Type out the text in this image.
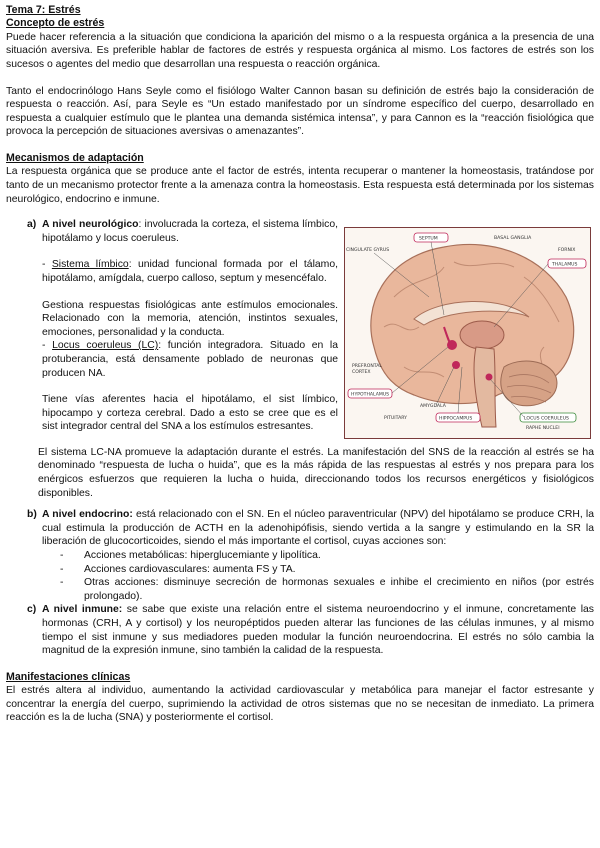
Tema 7: Estrés
Concepto de estrés

Puede hacer referencia a la situación que condiciona la aparición del mismo o a la respuesta orgánica a la presencia de una situación aversiva. Es preferible hablar de factores de estrés y respuesta orgánica al mismo. Los factores de estrés son los sucesos o agentes del medio que desarrollan una respuesta o reacción orgánica.

Tanto el endocrinólogo Hans Seyle como el fisiólogo Walter Cannon basan su definición de estrés bajo la consideración de respuesta o reacción. Así, para Seyle es “Un estado manifestado por un síndrome específico del cuerpo, desarrollado en respuesta a cualquier estímulo que le plantea una demanda sistémica intensa”, y para Cannon es la “reacción fisiológica que provoca la percepción de situaciones aversivas o amenazantes”.

Mecanismos de adaptación

La respuesta orgánica que se produce ante el factor de estrés, intenta recuperar o mantener la homeostasis, tratándose por tanto de un mecanismo protector frente a la amenaza contra la homeostasis. Esta respuesta está determinada por los sistemas neurológico, endocrino e inmune.

a) A nivel neurológico: involucrada la corteza, el sistema límbico, hipotálamo y locus coeruleus.

- Sistema límbico: unidad funcional formada por el tálamo, hipotálamo, amígdala, cuerpo calloso, septum y mesencéfalo.

Gestiona respuestas fisiológicas ante estímulos emocionales. Relacionado con la memoria, atención, instintos sexuales, emociones, personalidad y la conducta.

- Locus coeruleus (LC): función integradora. Situado en la protuberancia, está densamente poblado de neuronas que producen NA.

Tiene vías aferentes hacia el hipotálamo, el sist límbico, hipocampo y corteza cerebral. Dado a esto se cree que es el sist integrador central del SNA a los estímulos estresantes.

El sistema LC-NA promueve la adaptación durante el estrés. La manifestación del SNS de la reacción al estrés se ha denominado “respuesta de lucha o huida”, que es la más rápida de las respuestas al estrés y nos prepara para los enérgicos esfuerzos que requieren la lucha o huida, direccionando todos los recursos energéticos y fisiológicos disponibles.

b) A nivel endocrino: está relacionado con el SN. En el núcleo paraventricular (NPV) del hipotálamo se produce CRH, la cual estimula la producción de ACTH en la adenohipófisis, siendo vertida a la sangre y estimulando en la SR la liberación de glucocorticoides, siendo el más importante el cortisol, cuyas acciones son:

-	Acciones metabólicas: hiperglucemiante y lipolítica.
-	Acciones cardiovasculares: aumenta FS y TA.
-	Otras acciones: disminuye secreción de hormonas sexuales e inhibe el crecimiento en niños (por estrés prolongado).
c) A nivel inmune: se sabe que existe una relación entre el sistema neuroendocrino y el inmune, concretamente las hormonas (CRH, A y cortisol) y los neuropéptidos pueden alterar las funciones de las células inmunes, y al mismo tiempo el sist inmune y sus mediadores pueden modular la función neuroendocrina. El estrés no sólo cambia la magnitud de la expresión inmune, sino también la calidad de la respuesta.

Manifestaciones clínicas

El estrés altera al individuo, aumentando la actividad cardiovascular y metabólica para manejar el factor estresante y concentrar la energía del cuerpo, suprimiendo la actividad de otros sistemas que no se necesitan de inmediato. La primera reacción es la de lucha (SNA) y posteriormente el cortisol.

SEPTUM	BASAL GANGLIA
CINGULATE GYRUS	FORNIX
THALAMUS
PREFRONTAL
CORTEX
HYPOTHALAMUS
AMYGDALA
PITUITARY	HIPPOCAMPUS	LOCUS COERULEUS
RAPHE NUCLEI
